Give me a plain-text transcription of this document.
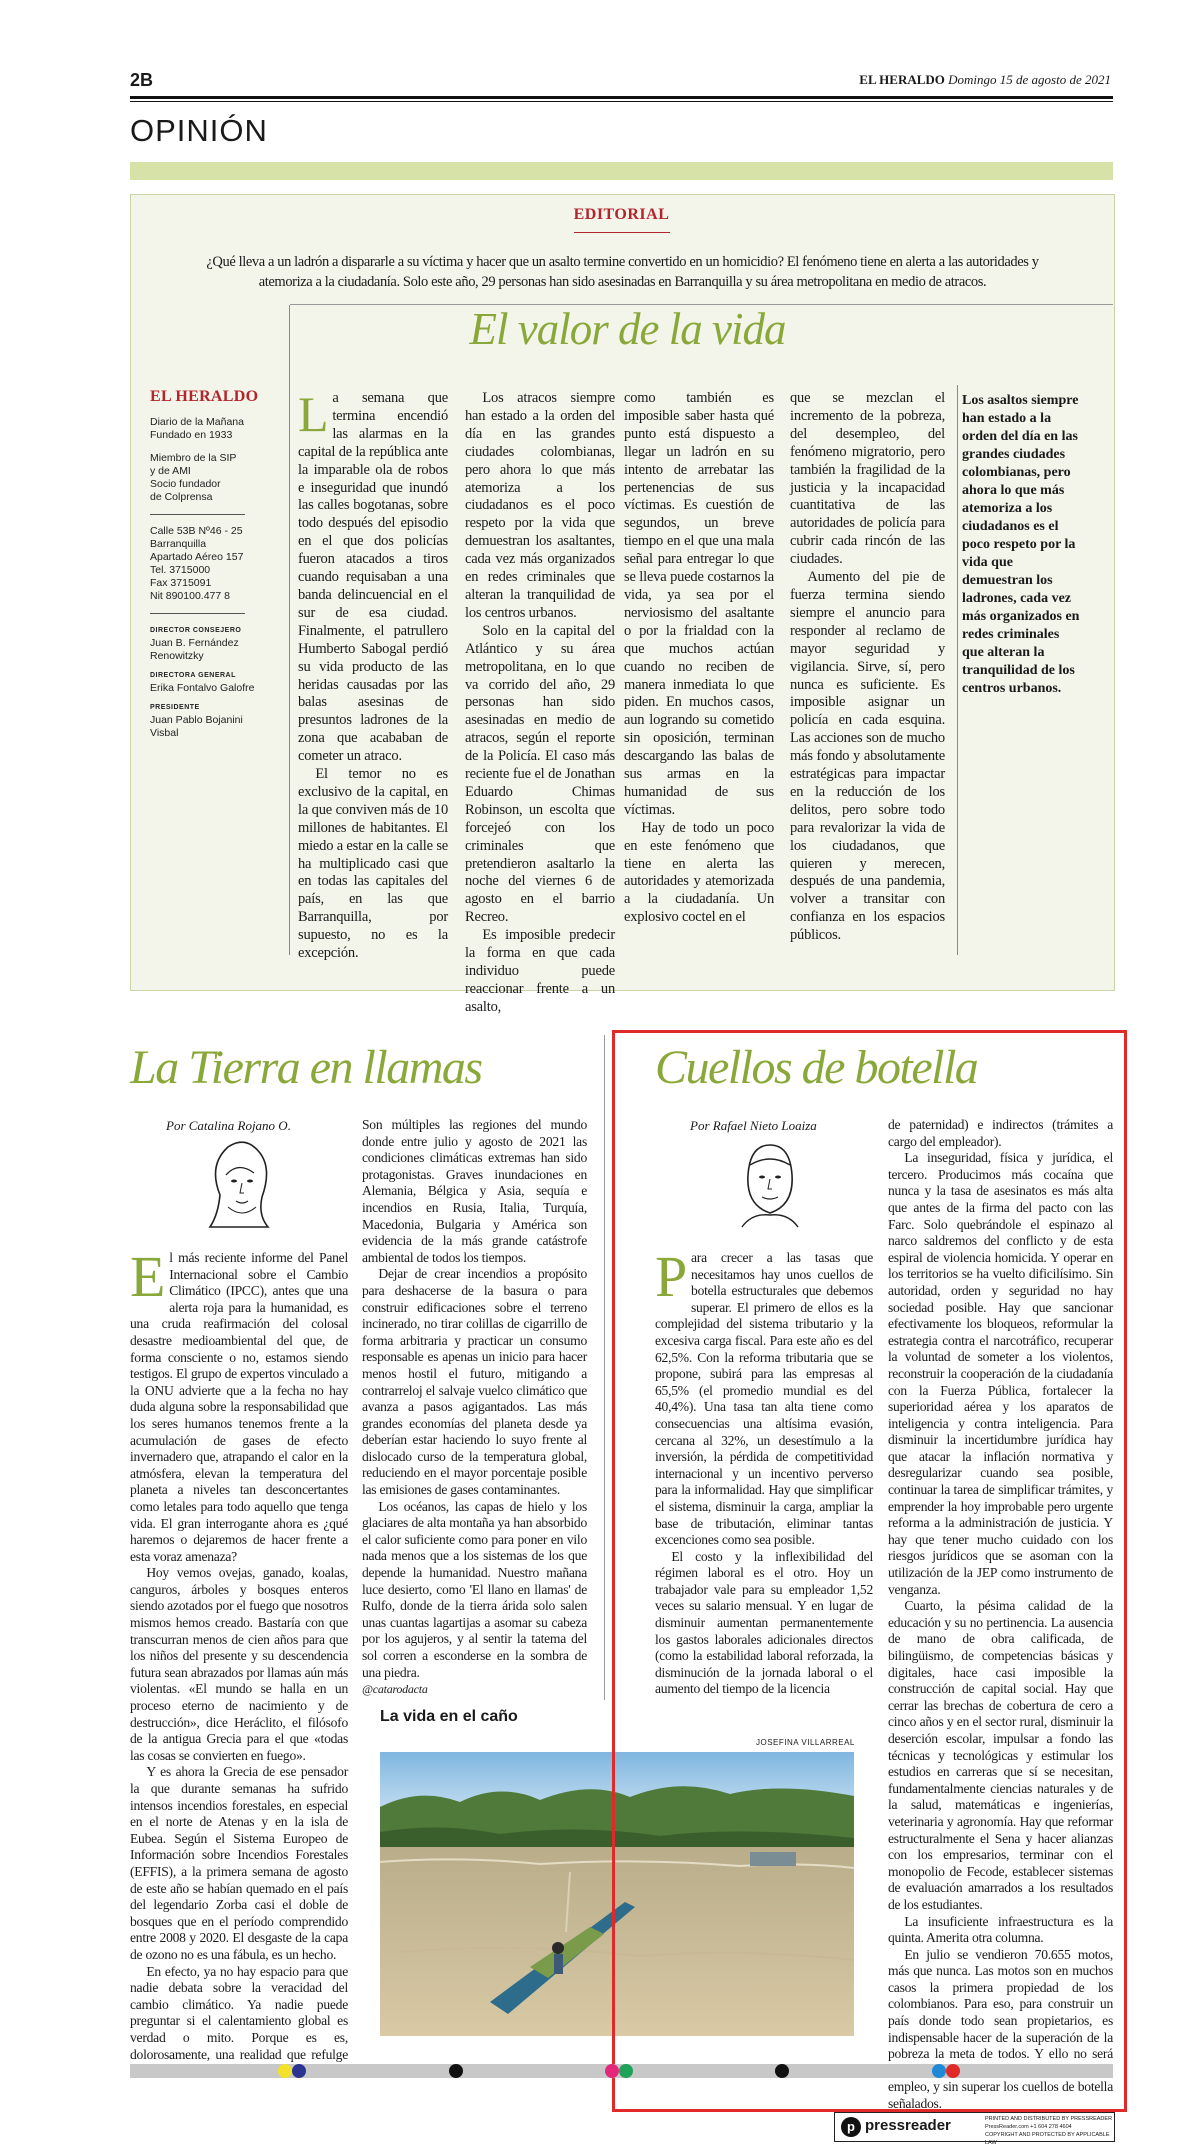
2B	EL HERALDO Domingo 15 de agosto de 2021
OPINIÓN
EDITORIAL
¿Qué lleva a un ladrón a dispararle a su víctima y hacer que un asalto termine convertido en un homicidio? El fenómeno tiene en alerta a las autoridades y atemoriza a la ciudadanía. Solo este año, 29 personas han sido asesinadas en Barranquilla y su área metropolitana en medio de atracos.
El valor de la vida
EL HERALDO
Diario de la Mañana
Fundado en 1933
Miembro de la SIP
y de AMI
Socio fundador
de Colprensa
Calle 53B Nº46 - 25
Barranquilla
Apartado Aéreo 157
Tel. 3715000
Fax 3715091
Nit 890100.477 8
DIRECTOR CONSEJERO
Juan B. Fernández
Renowitzky
DIRECTORA GENERAL
Erika Fontalvo Galofre
PRESIDENTE
Juan Pablo Bojanini
Visbal
L a semana que termina encendió las alarmas en la capital de la república ante la imparable ola de robos e inseguridad que inundó las calles bogotanas, sobre todo después del episodio en el que dos policías fueron atacados a tiros cuando requisaban a una banda delincuencial en el sur de esa ciudad. Finalmente, el patrullero Humberto Sabogal perdió su vida producto de las heridas causadas por las balas asesinas de presuntos ladrones de la zona que acababan de cometer un atraco.

El temor no es exclusivo de la capital, en la que conviven más de 10 millones de habitantes. El miedo a estar en la calle se ha multiplicado casi que en todas las capitales del país, en las que Barranquilla, por supuesto, no es la excepción.

Los atracos siempre han estado a la orden del día en las grandes ciudades colombianas, pero ahora lo que más atemoriza a los ciudadanos es el poco respeto por la vida que demuestran los asaltantes, cada vez más organizados en redes criminales que alteran la tranquilidad de los centros urbanos.

Solo en la capital del Atlántico y su área metropolitana, en lo que va corrido del año, 29 personas han sido asesinadas en medio de atracos, según el reporte de la Policía. El caso más reciente fue el de Jonathan Eduardo Chimas Robinson, un escolta que forcejeó con los criminales que pretendieron asaltarlo la noche del viernes 6 de agosto en el barrio Recreo.

Es imposible predecir la forma en que cada individuo puede reaccionar frente a un asalto,

como también es imposible saber hasta qué punto está dispuesto a llegar un ladrón en su intento de arrebatar las pertenencias de sus víctimas. Es cuestión de segundos, un breve tiempo en el que una mala señal para entregar lo que se lleva puede costarnos la vida, ya sea por el nerviosismo del asaltante o por la frialdad con la que muchos actúan cuando no reciben de manera inmediata lo que piden. En muchos casos, aun logrando su cometido sin oposición, terminan descargando las balas de sus armas en la humanidad de sus víctimas.

Hay de todo un poco en este fenómeno que tiene en alerta las autoridades y atemorizada a la ciudadanía. Un explosivo coctel en el

que se mezclan el incremento de la pobreza, del desempleo, del fenómeno migratorio, pero también la fragilidad de la justicia y la incapacidad cuantitativa de las autoridades de policía para cubrir cada rincón de las ciudades.

Aumento del pie de fuerza termina siendo siempre el anuncio para responder al reclamo de mayor seguridad y vigilancia. Sirve, sí, pero nunca es suficiente. Es imposible asignar un policía en cada esquina. Las acciones son de mucho más fondo y absolutamente estratégicas para impactar en la reducción de los delitos, pero sobre todo para revalorizar la vida de los ciudadanos, que quieren y merecen, después de una pandemia, volver a transitar con confianza en los espacios públicos.

Los asaltos siempre han estado a la orden del día en las grandes ciudades colombianas, pero ahora lo que más atemoriza a los ciudadanos es el poco respeto por la vida que demuestran los ladrones, cada vez más organizados en redes criminales que alteran la tranquilidad de los centros urbanos.
La Tierra en llamas
Por Catalina Rojano O.
E l más reciente informe del Panel Internacional sobre el Cambio Climático (IPCC), antes que una alerta roja para la humanidad, es una cruda reafirmación del colosal desastre medioambiental del que, de forma consciente o no, estamos siendo testigos. El grupo de expertos vinculado a la ONU advierte que a la fecha no hay duda alguna sobre la responsabilidad que los seres humanos tenemos frente a la acumulación de gases de efecto invernadero que, atrapando el calor en la atmósfera, elevan la temperatura del planeta a niveles tan desconcertantes como letales para todo aquello que tenga vida. El gran interrogante ahora es ¿qué haremos o dejaremos de hacer frente a esta voraz amenaza?

Hoy vemos ovejas, ganado, koalas, canguros, árboles y bosques enteros siendo azotados por el fuego que nosotros mismos hemos creado. Bastaría con que transcurran menos de cien años para que los niños del presente y su descendencia futura sean abrazados por llamas aún más violentas. «El mundo se halla en un proceso eterno de nacimiento y de destrucción», dice Heráclito, el filósofo de la antigua Grecia para el que «todas las cosas se convierten en fuego».

Y es ahora la Grecia de ese pensador la que durante semanas ha sufrido intensos incendios forestales, en especial en el norte de Atenas y en la isla de Eubea. Según el Sistema Europeo de Información sobre Incendios Forestales (EFFIS), a la primera semana de agosto de este año se habían quemado en el país del legendario Zorba casi el doble de bosques que en el período comprendido entre 2008 y 2020. El desgaste de la capa de ozono no es una fábula, es un hecho.

En efecto, ya no hay espacio para que nadie debata sobre la veracidad del cambio climático. Ya nadie puede preguntar si el calentamiento global es verdad o mito. Porque es es, dolorosamente, una realidad que refulge

Son múltiples las regiones del mundo donde entre julio y agosto de 2021 las condiciones climáticas extremas han sido protagonistas. Graves inundaciones en Alemania, Bélgica y Asia, sequía e incendios en Rusia, Italia, Turquía, Macedonia, Bulgaria y América son evidencia de la más grande catástrofe ambiental de todos los tiempos.

Dejar de crear incendios a propósito para deshacerse de la basura o para construir edificaciones sobre el terreno incinerado, no tirar colillas de cigarrillo de forma arbitraria y practicar un consumo responsable es apenas un inicio para hacer menos hostil el futuro, mitigando a contrarreloj el salvaje vuelco climático que avanza a pasos agigantados. Las más grandes economías del planeta desde ya deberían estar haciendo lo suyo frente al dislocado curso de la temperatura global, reduciendo en el mayor porcentaje posible las emisiones de gases contaminantes.

Los océanos, las capas de hielo y los glaciares de alta montaña ya han absorbido el calor suficiente como para poner en vilo nada menos que a los sistemas de los que depende la humanidad. Nuestro mañana luce desierto, como 'El llano en llamas' de Rulfo, donde de la tierra árida solo salen unas cuantas lagartijas a asomar su cabeza por los agujeros, y al sentir la tatema del sol corren a esconderse en la sombra de una piedra.

@catarodacta

La vida en el caño
JOSEFINA VILLARREAL
Cuellos de botella
Por Rafael Nieto Loaiza
P ara crecer a las tasas que necesitamos hay unos cuellos de botella estructurales que debemos superar. El primero de ellos es la complejidad del sistema tributario y la excesiva carga fiscal. Para este año es del 62,5%. Con la reforma tributaria que se propone, subirá para las empresas al 65,5% (el promedio mundial es del 40,4%). Una tasa tan alta tiene como consecuencias una altísima evasión, cercana al 32%, un desestímulo a la inversión, la pérdida de competitividad internacional y un incentivo perverso para la informalidad. Hay que simplificar el sistema, disminuir la carga, ampliar la base de tributación, eliminar tantas excenciones como sea posible.

El costo y la inflexibilidad del régimen laboral es el otro. Hoy un trabajador vale para su empleador 1,52 veces su salario mensual. Y en lugar de disminuir aumentan permanentemente los gastos laborales adicionales directos (como la estabilidad laboral reforzada, la disminución de la jornada laboral o el aumento del tiempo de la licencia

de paternidad) e indirectos (trámites a cargo del empleador).

La inseguridad, física y jurídica, el tercero. Producimos más cocaína que nunca y la tasa de asesinatos es más alta que antes de la firma del pacto con las Farc. Solo quebrándole el espinazo al narco saldremos del conflicto y de esta espiral de violencia homicida. Y operar en los territorios se ha vuelto dificilísimo. Sin autoridad, orden y seguridad no hay sociedad posible. Hay que sancionar efectivamente los bloqueos, reformular la estrategia contra el narcotráfico, recuperar la voluntad de someter a los violentos, reconstruir la cooperación de la ciudadanía con la Fuerza Pública, fortalecer la superioridad aérea y los aparatos de inteligencia y contra inteligencia. Para disminuir la incertidumbre jurídica hay que atacar la inflación normativa y desregularizar cuando sea posible, continuar la tarea de simplificar trámites, y emprender la hoy improbable pero urgente reforma a la administración de justicia. Y hay que tener mucho cuidado con los riesgos jurídicos que se asoman con la utilización de la JEP como instrumento de venganza.

Cuarto, la pésima calidad de la educación y su no pertinencia. La ausencia de mano de obra calificada, de bilingüismo, de competencias básicas y digitales, hace casi imposible la construcción de capital social. Hay que cerrar las brechas de cobertura de cero a cinco años y en el sector rural, disminuir la deserción escolar, impulsar a fondo las técnicas y tecnológicas y estimular los estudios en carreras que sí se necesitan, fundamentalmente ciencias naturales y de la salud, matemáticas e ingenierías, veterinaria y agronomía. Hay que reformar estructuralmente el Sena y hacer alianzas con los empresarios, terminar con el monopolio de Fecode, establecer sistemas de evaluación amarrados a los resultados de los estudiantes.

La insuficiente infraestructura es la quinta. Amerita otra columna.

En julio se vendieron 70.655 motos, más que nunca. Las motos son en muchos casos la primera propiedad de los colombianos. Para eso, para construir un país donde todo sean propietarios, es indispensable hacer de la superación de la pobreza la meta de todos. Y ello no será empleo, y sin superar los cuellos de botella señalados.

p pressreader	PRINTED AND DISTRIBUTED BY PRESSREADER
PressReader.com +1 604 278 4604
COPYRIGHT AND PROTECTED BY APPLICABLE LAW
